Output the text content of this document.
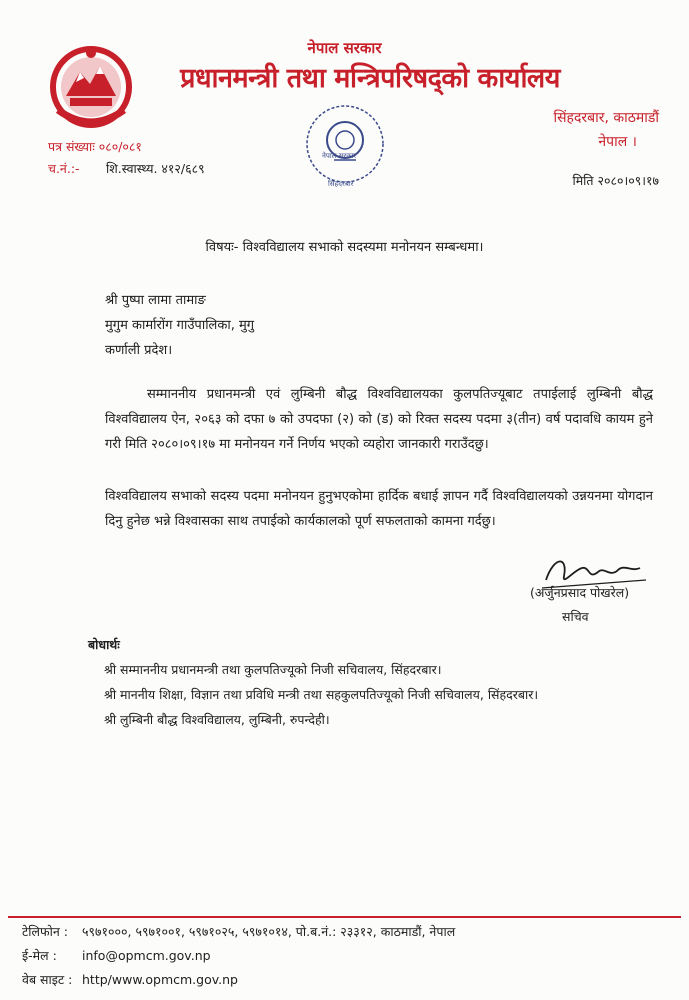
नेपाल सरकार
प्रधानमन्त्री तथा मन्त्रिपरिषद्को कार्यालय
सिंहदरबार, काठमाडौं
नेपाल ।
पत्र संख्याः ०८०/०८१
च.नं.:- शि.स्वास्थ्य. ४१२/६८९
नेपाल सरकार
सिंहदरबार	मिति २०८०।०९।१७
विषयः- विश्वविद्यालय सभाको सदस्यमा मनोनयन सम्बन्धमा।
श्री पुष्पा लामा तामाङ
मुगुम कार्मारोंग गाउँपालिका, मुगु
कर्णाली प्रदेश।
सम्माननीय प्रधानमन्त्री एवं लुम्बिनी बौद्ध विश्वविद्यालयका कुलपतिज्यूबाट तपाईलाई लुम्बिनी बौद्ध विश्वविद्यालय ऐन, २०६३ को दफा ७ को उपदफा (२) को (ड) को रिक्त सदस्य पदमा ३(तीन) वर्ष पदावधि कायम हुने गरी मिति २०८०।०९।१७ मा मनोनयन गर्ने निर्णय भएको व्यहोरा जानकारी गराउँदछु।
विश्वविद्यालय सभाको सदस्य पदमा मनोनयन हुनुभएकोमा हार्दिक बधाई ज्ञापन गर्दै विश्वविद्यालयको उन्नयनमा योगदान दिनु हुनेछ भन्ने विश्वासका साथ तपाईको कार्यकालको पूर्ण सफलताको कामना गर्दछु।
(अर्जुनप्रसाद पोखरेल)
सचिव
बोधार्थः
श्री सम्माननीय प्रधानमन्त्री तथा कुलपतिज्यूको निजी सचिवालय, सिंहदरबार।
श्री माननीय शिक्षा, विज्ञान तथा प्रविधि मन्त्री तथा सहकुलपतिज्यूको निजी सचिवालय, सिंहदरबार।
श्री लुम्बिनी बौद्ध विश्वविद्यालय, लुम्बिनी, रुपन्देही।
टेलिफोन : ५९७१०००, ५९७१००१, ५९७१०२५, ५९७१०१४, पो.ब.नं.: २३३१२, काठमाडौं, नेपाल
ई-मेल : info@opmcm.gov.np
वेब साइट : http/www.opmcm.gov.np
